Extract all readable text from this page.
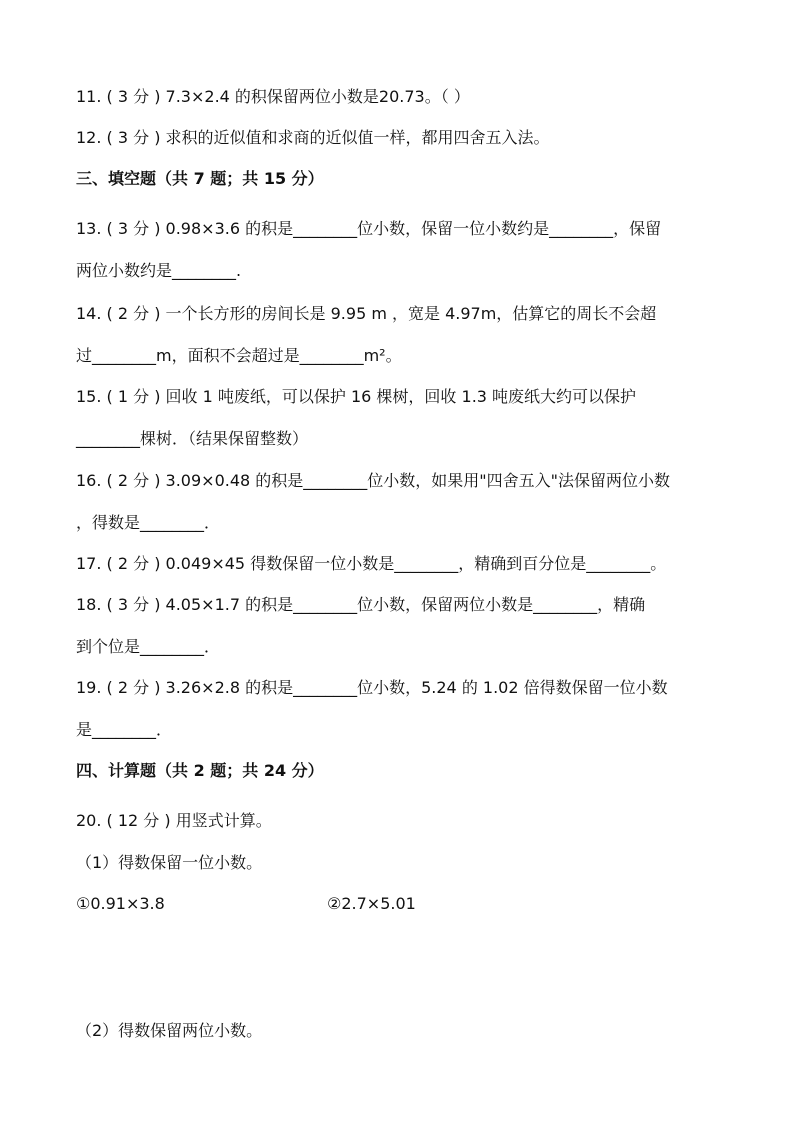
11. ( 3 分 ) 7.3×2.4 的积保留两位小数是20.73。（ ）
12. ( 3 分 ) 求积的近似值和求商的近似值一样，都用四舍五入法。
三、填空题（共 7 题；共 15 分）
13. ( 3 分 ) 0.98×3.6 的积是________位小数，保留一位小数约是________，保留
两位小数约是________.
14. ( 2 分 ) 一个长方形的房间长是 9.95 m ，宽是 4.97m，估算它的周长不会超
过________m，面积不会超过是________m²。
15. ( 1 分 ) 回收 1 吨废纸，可以保护 16 棵树，回收 1.3 吨废纸大约可以保护
________棵树．（结果保留整数）
16. ( 2 分 ) 3.09×0.48 的积是________位小数，如果用"四舍五入"法保留两位小数
，得数是________．
17. ( 2 分 ) 0.049×45 得数保留一位小数是________，精确到百分位是________。
18. ( 3 分 ) 4.05×1.7 的积是________位小数，保留两位小数是________，精确
到个位是________．
19. ( 2 分 ) 3.26×2.8 的积是________位小数，5.24 的 1.02 倍得数保留一位小数
是________．
四、计算题（共 2 题；共 24 分）
20. ( 12 分 ) 用竖式计算。
（1）得数保留一位小数。
①0.91×3.8	②2.7×5.01
（2）得数保留两位小数。
